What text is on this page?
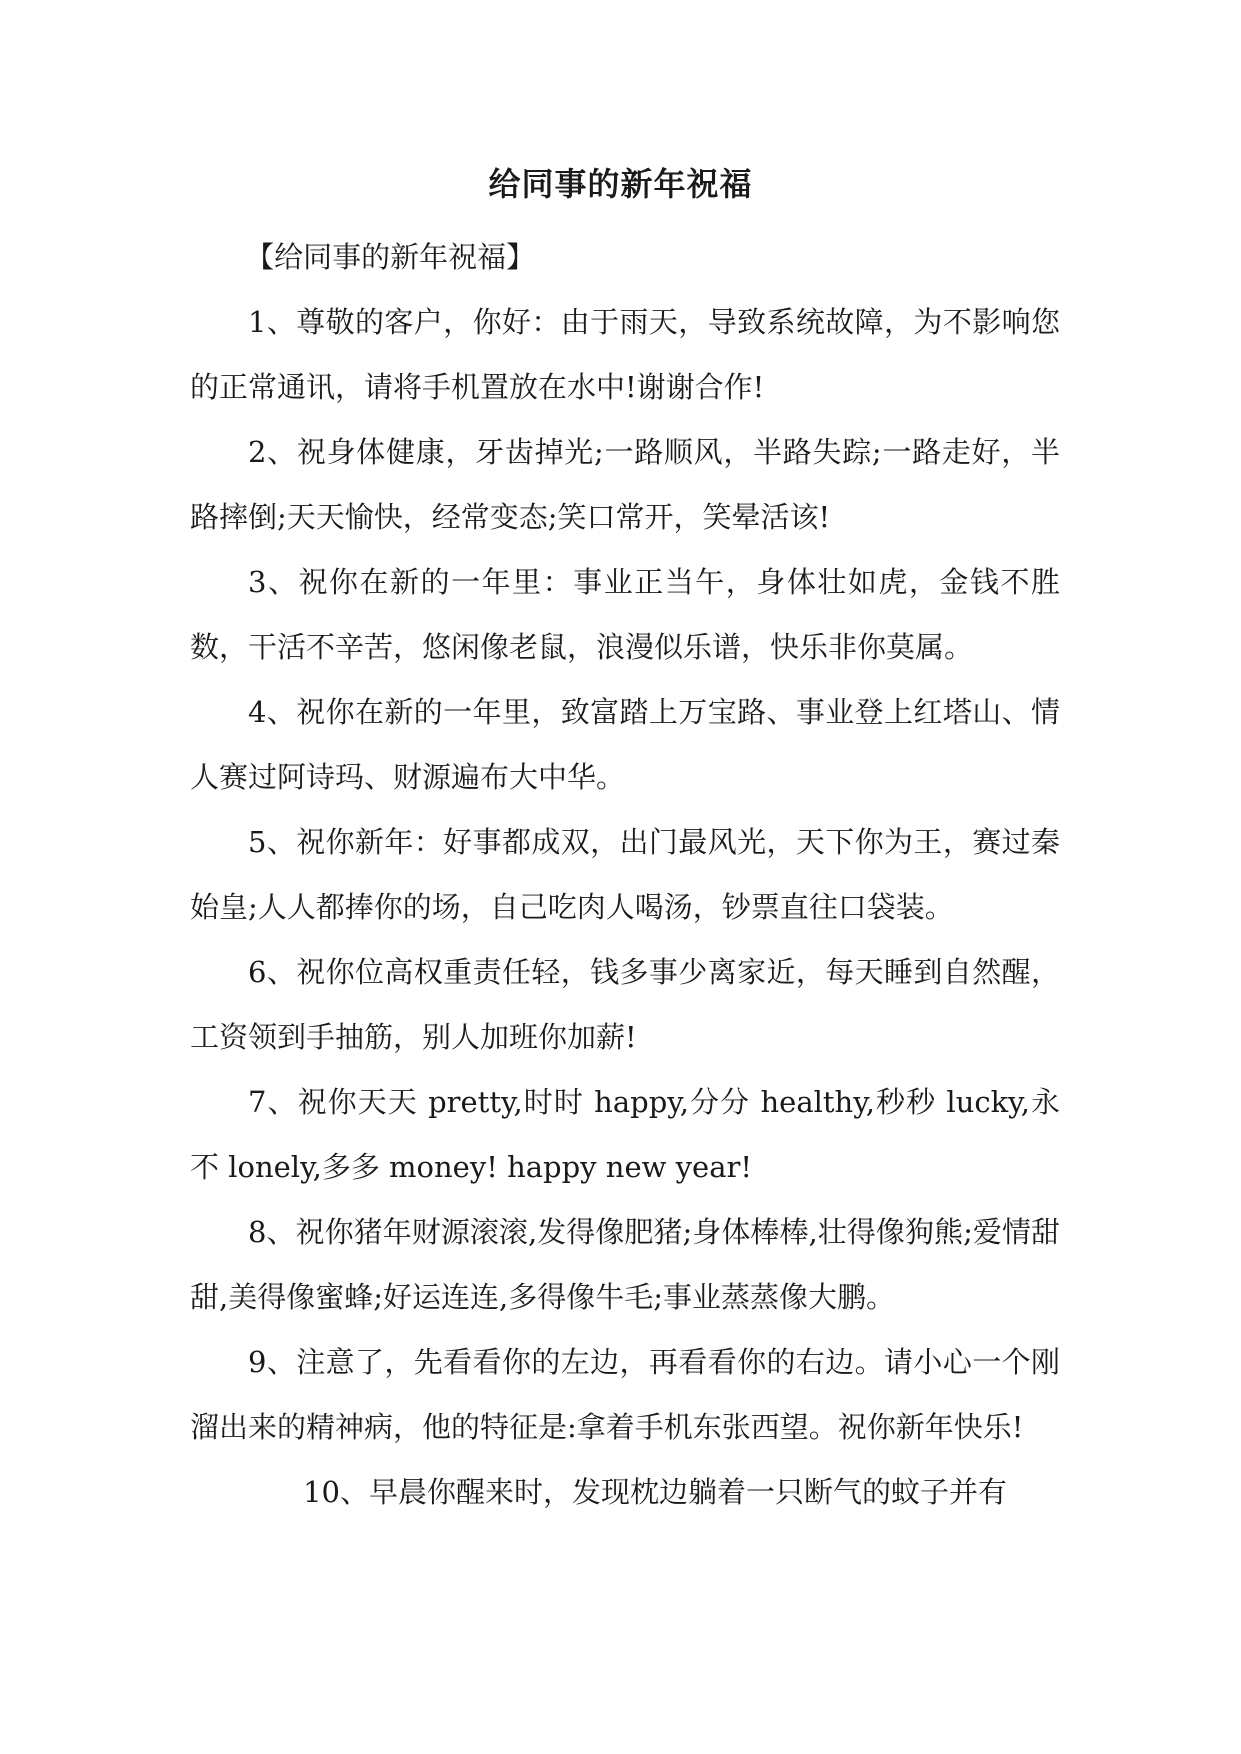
给同事的新年祝福

【给同事的新年祝福】

1、尊敬的客户，你好：由于雨天，导致系统故障，为不影响您的正常通讯，请将手机置放在水中!谢谢合作!

2、祝身体健康，牙齿掉光;一路顺风，半路失踪;一路走好，半路摔倒;天天愉快，经常变态;笑口常开，笑晕活该!

3、祝你在新的一年里：事业正当午，身体壮如虎，金钱不胜数，干活不辛苦，悠闲像老鼠，浪漫似乐谱，快乐非你莫属。

4、祝你在新的一年里，致富踏上万宝路、事业登上红塔山、情人赛过阿诗玛、财源遍布大中华。

5、祝你新年：好事都成双，出门最风光，天下你为王，赛过秦始皇;人人都捧你的场，自己吃肉人喝汤，钞票直往口袋装。

6、祝你位高权重责任轻，钱多事少离家近，每天睡到自然醒，工资领到手抽筋，别人加班你加薪!

7、祝你天天 pretty,时时 happy,分分 healthy,秒秒 lucky,永不 lonely,多多 money! happy new year!

8、祝你猪年财源滚滚,发得像肥猪;身体棒棒,壮得像狗熊;爱情甜甜,美得像蜜蜂;好运连连,多得像牛毛;事业蒸蒸像大鹏。

9、注意了，先看看你的左边，再看看你的右边。请小心一个刚溜出来的精神病，他的特征是:拿着手机东张西望。祝你新年快乐!

10、早晨你醒来时，发现枕边躺着一只断气的蚊子并有
